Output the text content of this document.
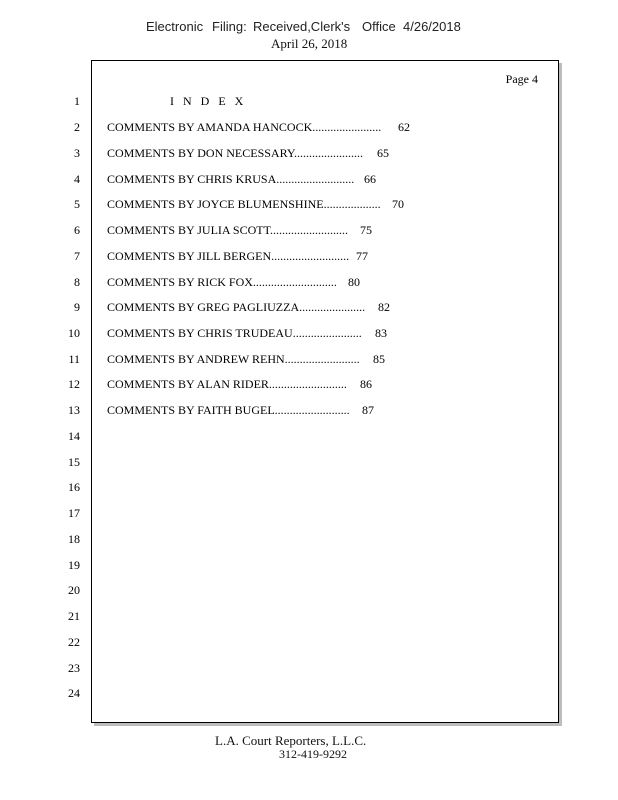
Electronic Filing: Received,Clerk's Office 4/26/2018
April 26, 2018
Page 4
1
2
3
4
5
6
7
8
9
10
11
12
13
14
15
16
17
18
19
20
21
22
23
24
I N D E X
COMMENTS BY AMANDA HANCOCK....................... 62
COMMENTS BY DON NECESSARY....................... 65
COMMENTS BY CHRIS KRUSA.......................... 66
COMMENTS BY JOYCE BLUMENSHINE................... 70
COMMENTS BY JULIA SCOTT.......................... 75
COMMENTS BY JILL BERGEN.......................... 77
COMMENTS BY RICK FOX............................ 80
COMMENTS BY GREG PAGLIUZZA...................... 82
COMMENTS BY CHRIS TRUDEAU....................... 83
COMMENTS BY ANDREW REHN......................... 85
COMMENTS BY ALAN RIDER.......................... 86
COMMENTS BY FAITH BUGEL......................... 87
L.A. Court Reporters, L.L.C.
312-419-9292
